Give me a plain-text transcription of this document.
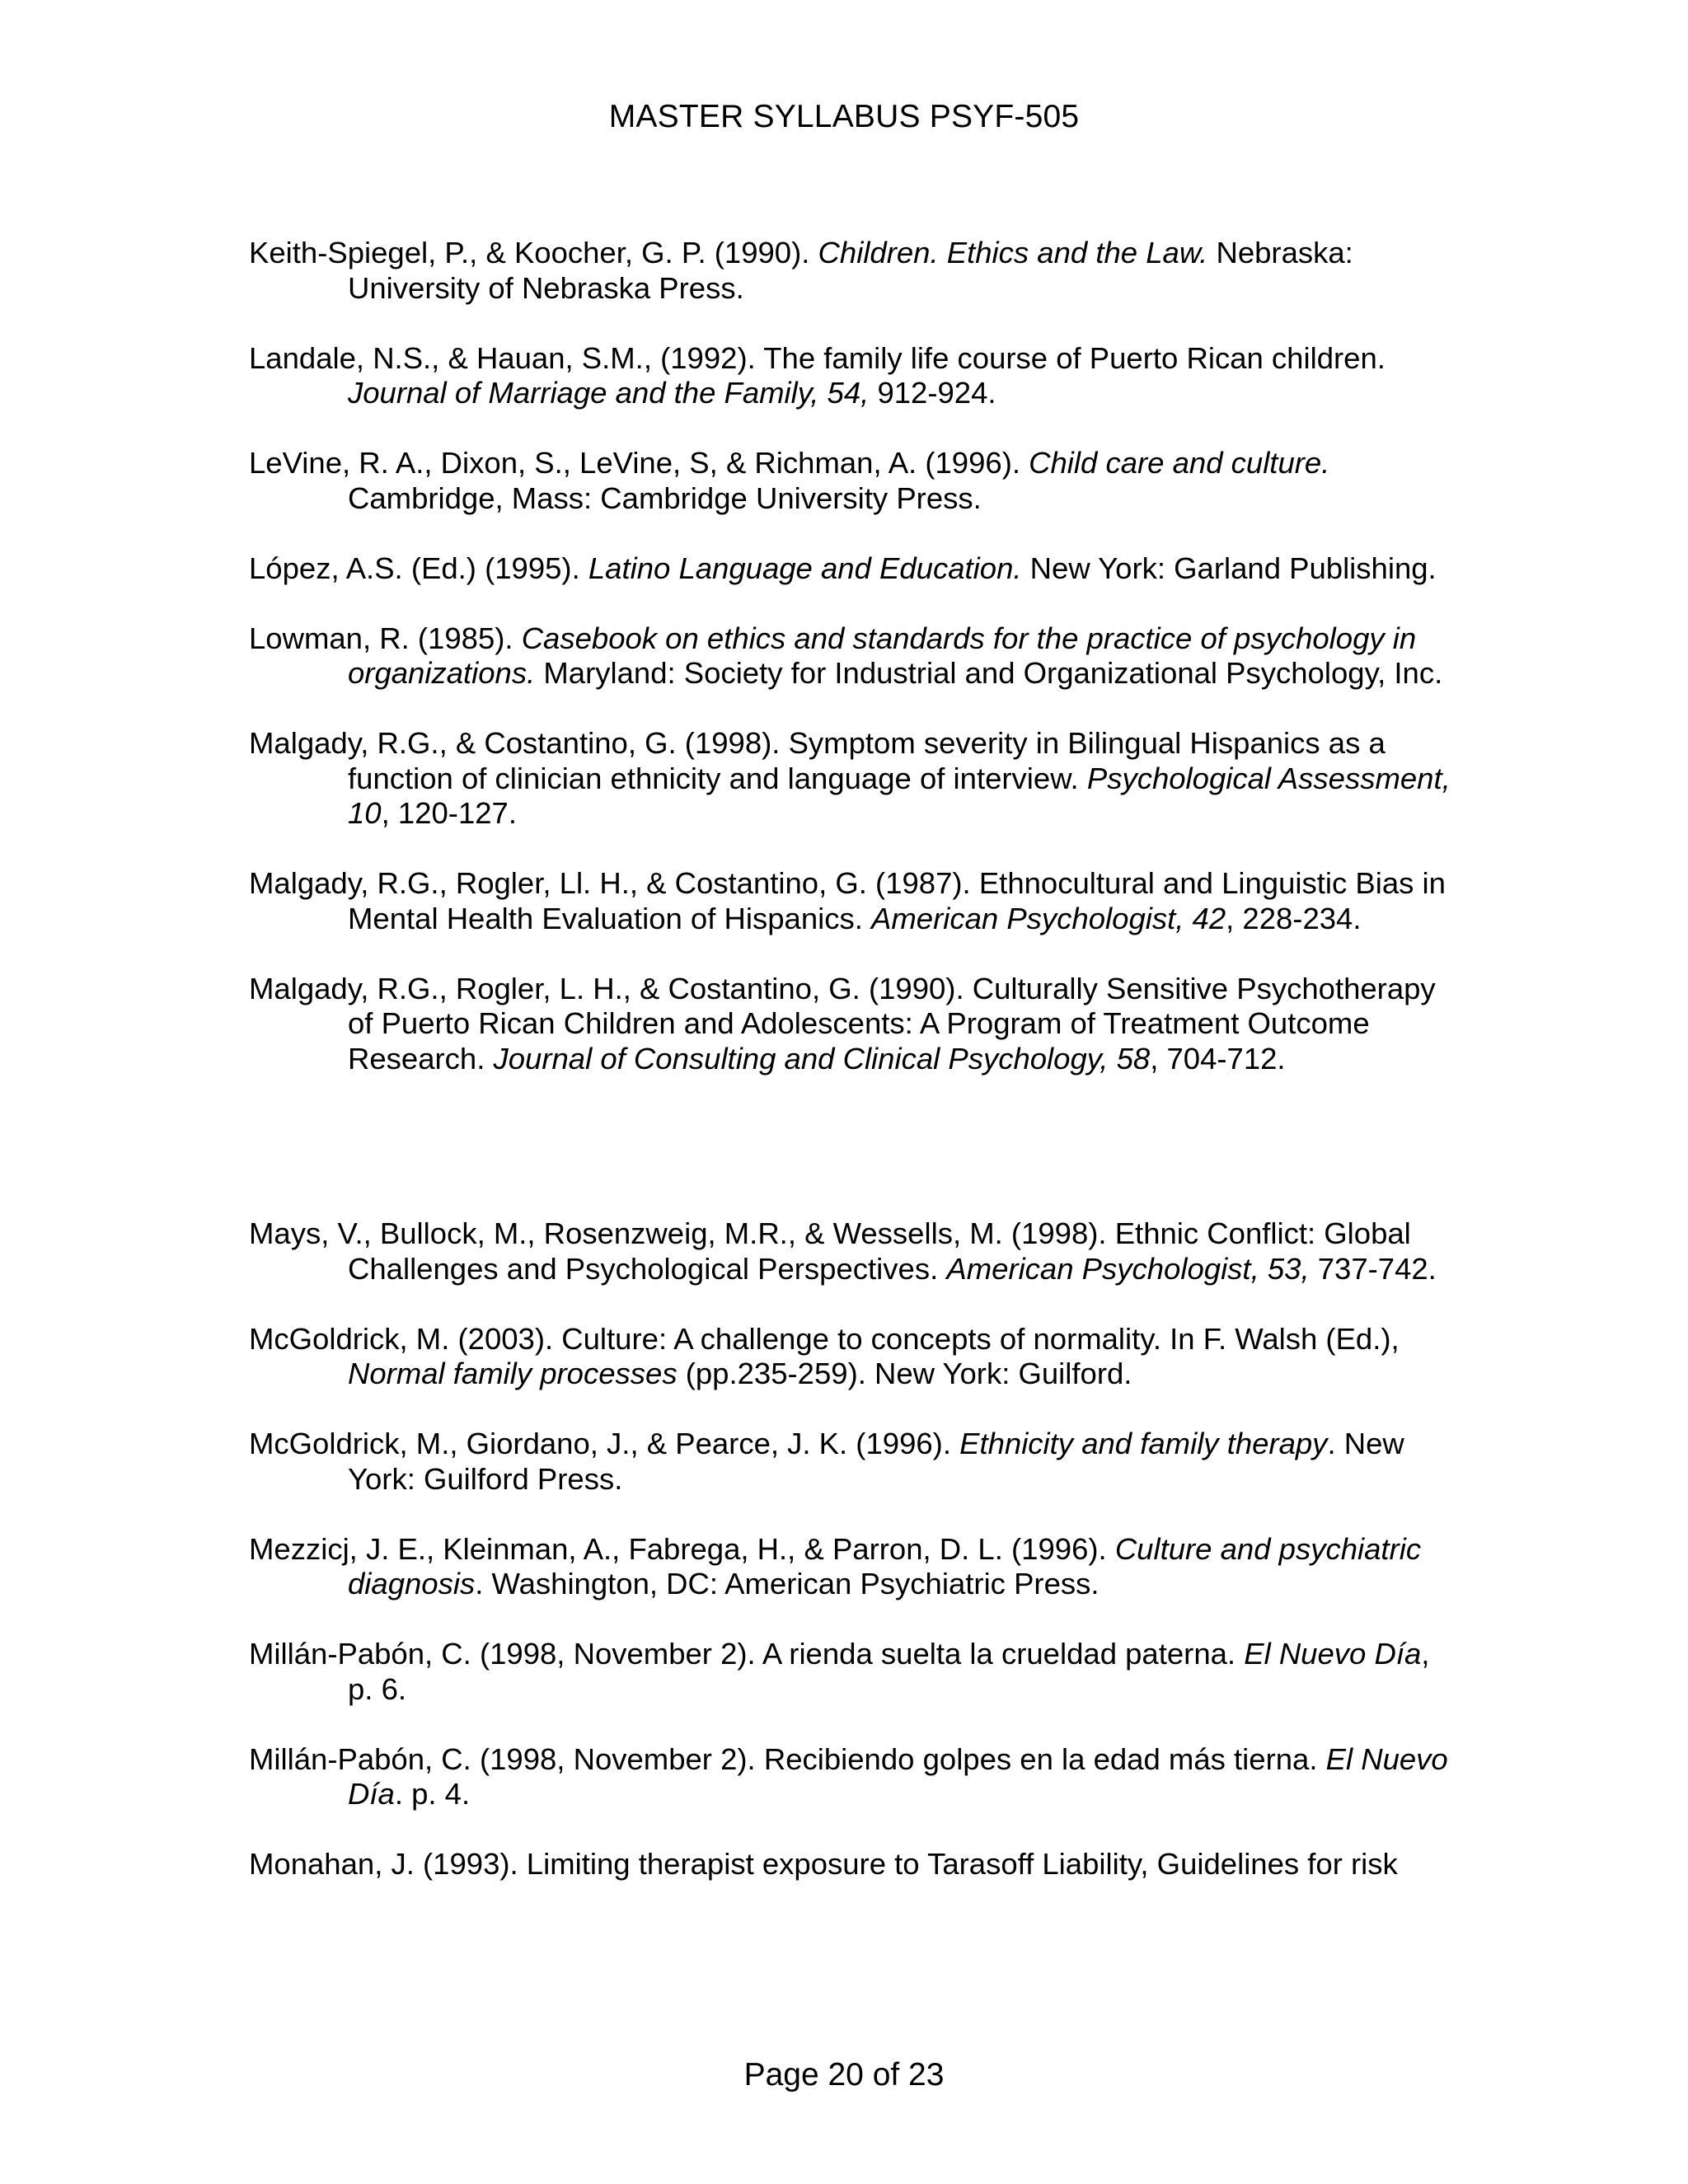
MASTER SYLLABUS PSYF-505

Keith-Spiegel, P., & Koocher, G. P. (1990). Children. Ethics and the Law. Nebraska: University of Nebraska Press.

Landale, N.S., & Hauan, S.M., (1992). The family life course of Puerto Rican children. Journal of Marriage and the Family, 54, 912-924.

LeVine, R. A., Dixon, S., LeVine, S, & Richman, A. (1996). Child care and culture. Cambridge, Mass: Cambridge University Press.

López, A.S. (Ed.) (1995). Latino Language and Education. New York: Garland Publishing.

Lowman, R. (1985). Casebook on ethics and standards for the practice of psychology in organizations. Maryland: Society for Industrial and Organizational Psychology, Inc.

Malgady, R.G., & Costantino, G. (1998). Symptom severity in Bilingual Hispanics as a function of clinician ethnicity and language of interview. Psychological Assessment, 10, 120-127.

Malgady, R.G., Rogler, Ll. H., & Costantino, G. (1987). Ethnocultural and Linguistic Bias in Mental Health Evaluation of Hispanics. American Psychologist, 42, 228-234.

Malgady, R.G., Rogler, L. H., & Costantino, G. (1990). Culturally Sensitive Psychotherapy of Puerto Rican Children and Adolescents: A Program of Treatment Outcome Research. Journal of Consulting and Clinical Psychology, 58, 704-712.

Mays, V., Bullock, M., Rosenzweig, M.R., & Wessells, M. (1998). Ethnic Conflict: Global Challenges and Psychological Perspectives. American Psychologist, 53, 737-742.

McGoldrick, M. (2003). Culture: A challenge to concepts of normality. In F. Walsh (Ed.), Normal family processes (pp.235-259). New York: Guilford.

McGoldrick, M., Giordano, J., & Pearce, J. K. (1996). Ethnicity and family therapy. New York: Guilford Press.

Mezzicj, J. E., Kleinman, A., Fabrega, H., & Parron, D. L. (1996). Culture and psychiatric diagnosis. Washington, DC: American Psychiatric Press.

Millán-Pabón, C. (1998, November 2). A rienda suelta la crueldad paterna. El Nuevo Día, p. 6.

Millán-Pabón, C. (1998, November 2). Recibiendo golpes en la edad más tierna. El Nuevo Día. p. 4.

Monahan, J. (1993). Limiting therapist exposure to Tarasoff Liability, Guidelines for risk

Page 20 of 23
